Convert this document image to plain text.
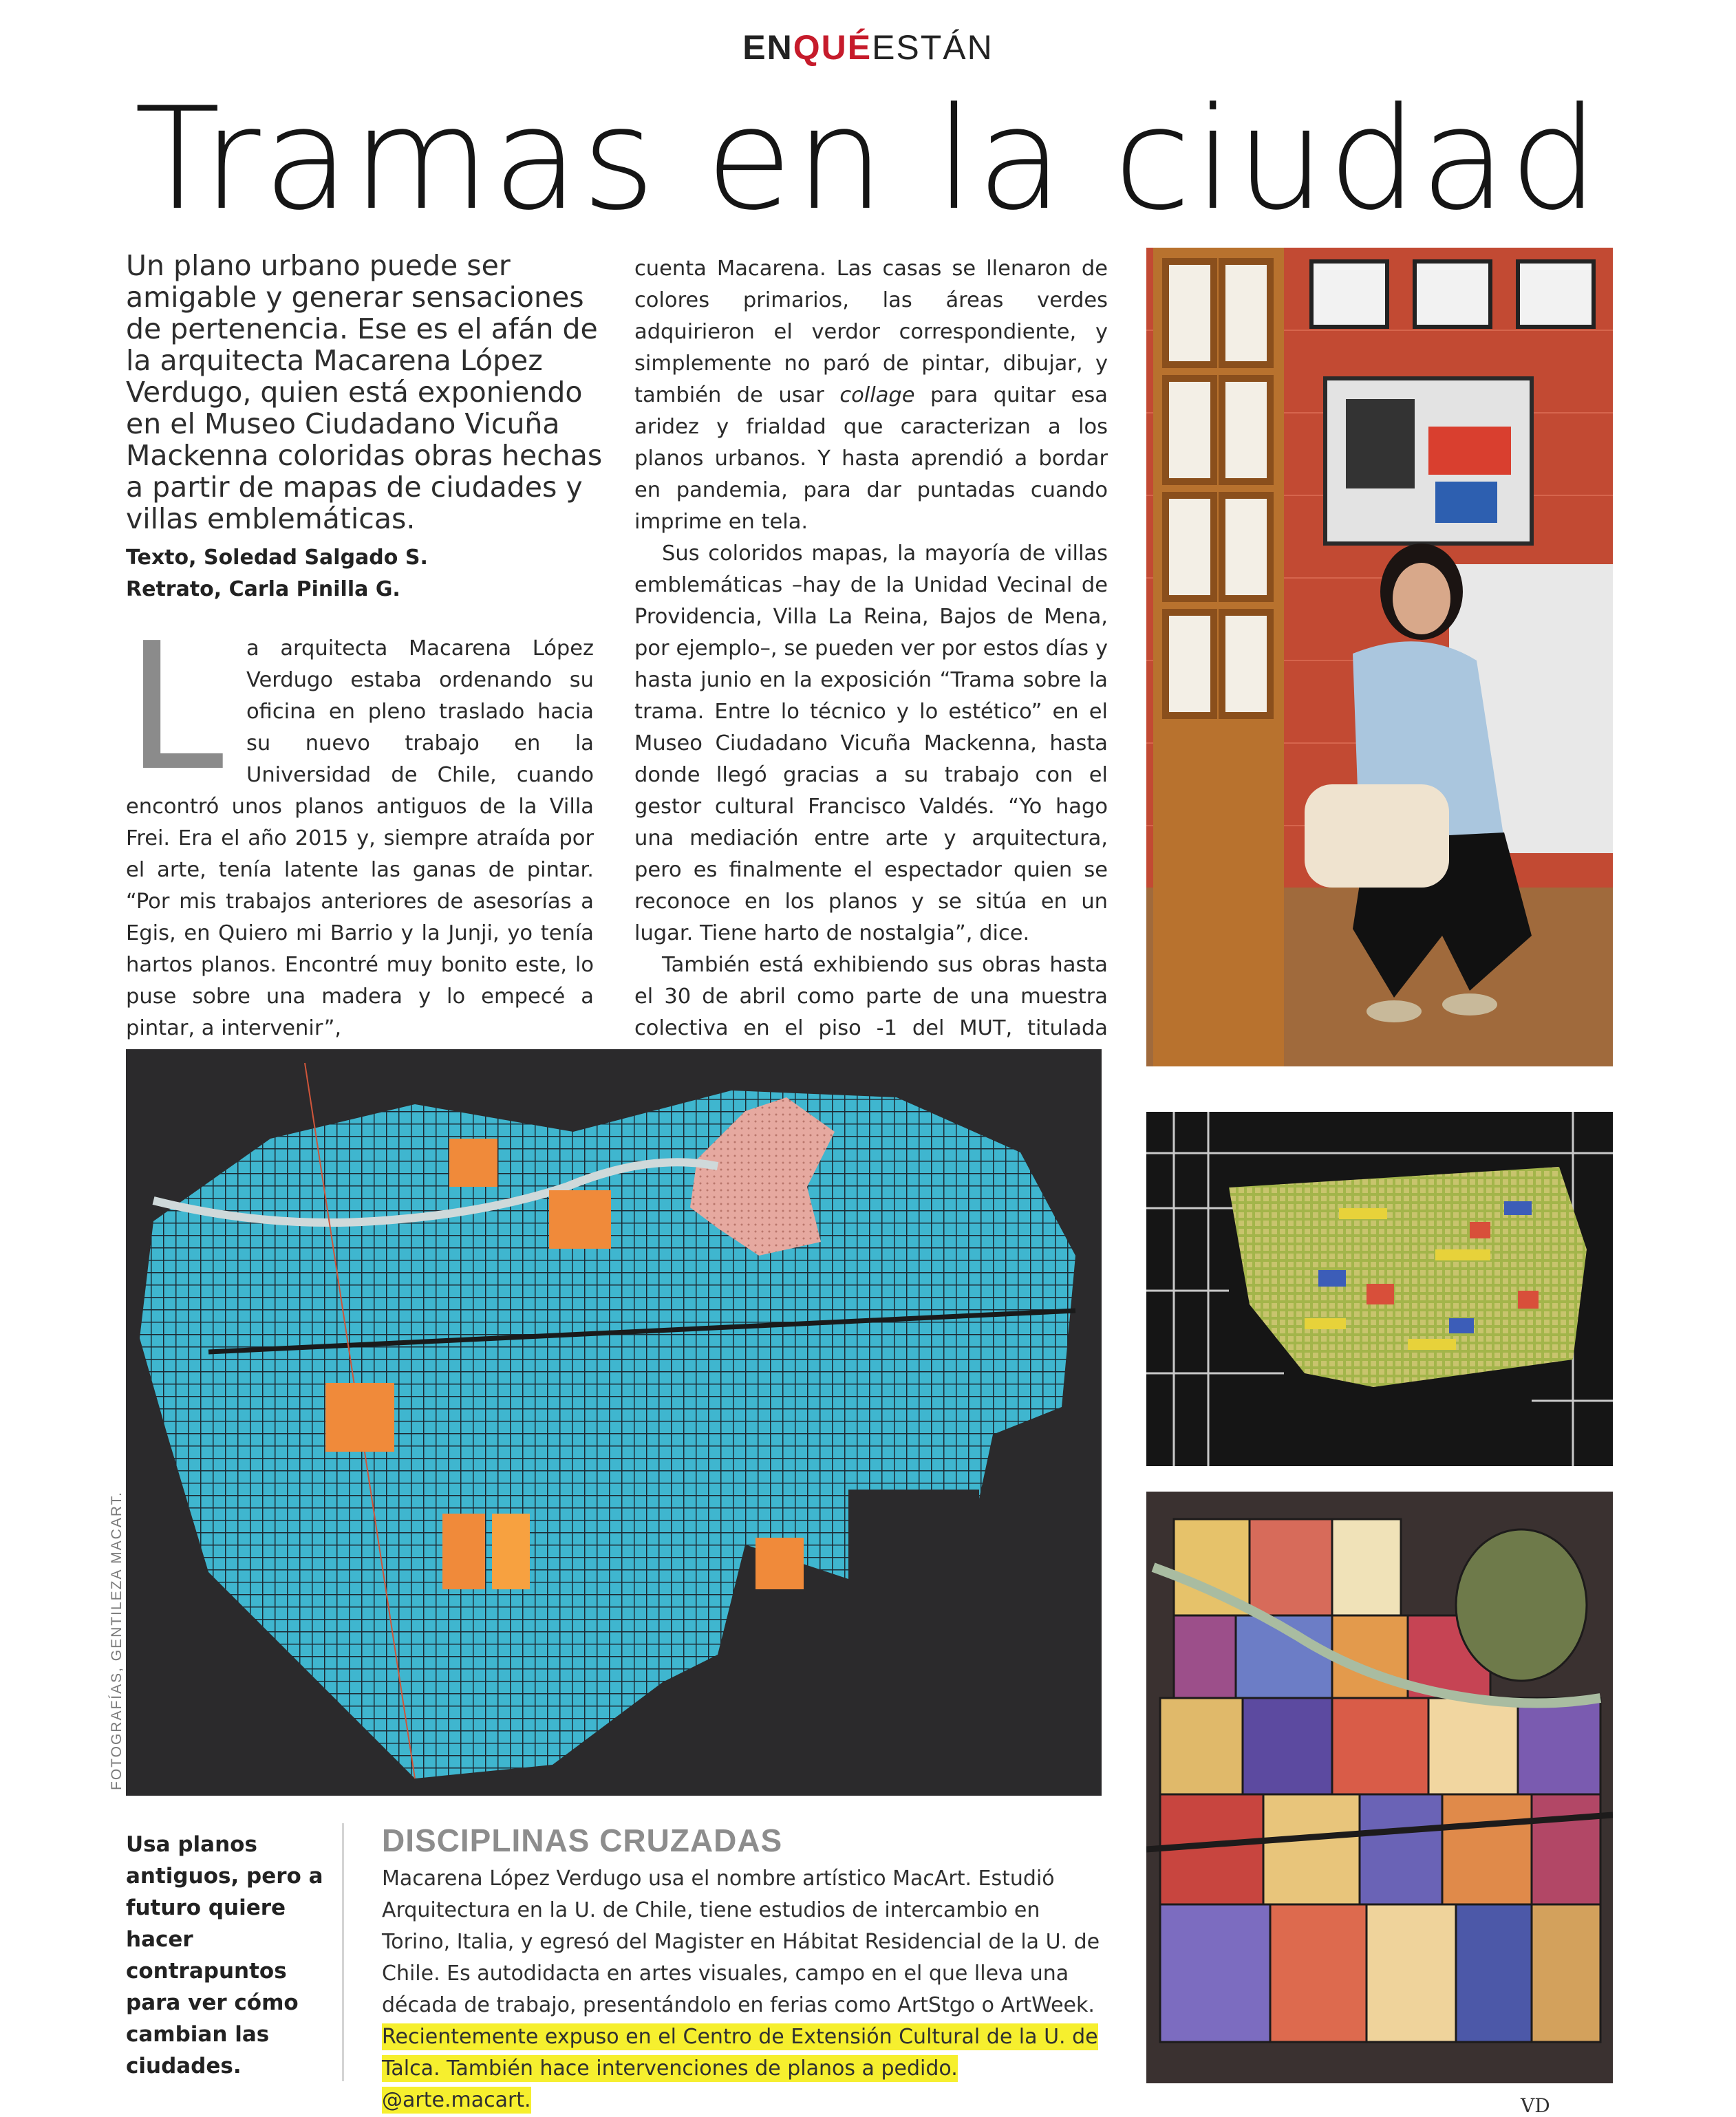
ENQUÉESTÁN
Tramas en la ciudad
Un plano urbano puede ser amigable y generar sensaciones de pertenencia. Ese es el afán de la arquitecta Macarena López Verdugo, quien está exponiendo en el Museo Ciudadano Vicuña Mackenna coloridas obras hechas a partir de mapas de ciudades y villas emblemáticas.
Texto, Soledad Salgado S.
Retrato, Carla Pinilla G.
L	a arquitecta Macarena López Verdugo estaba ordenando su oficina en pleno traslado hacia su nuevo trabajo en la Universidad de Chile, cuando encontró unos planos antiguos de la Villa Frei. Era el año 2015 y, siempre atraída por el arte, tenía latente las ganas de pintar. “Por mis trabajos anteriores de asesorías a Egis, en Quiero mi Barrio y la Junji, yo tenía hartos planos. Encontré muy bonito este, lo puse sobre una madera y lo empecé a pintar, a intervenir”,

cuenta Macarena. Las casas se llenaron de colores primarios, las áreas verdes adquirieron el verdor correspondiente, y simplemente no paró de pintar, dibujar, y también de usar collage para quitar esa aridez y frialdad que caracterizan a los planos urbanos. Y hasta aprendió a bordar en pandemia, para dar puntadas cuando imprime en tela.

Sus coloridos mapas, la mayoría de villas emblemáticas –hay de la Unidad Vecinal de Providencia, Villa La Reina, Bajos de Mena, por ejemplo–, se pueden ver por estos días y hasta junio en la exposición “Trama sobre la trama. Entre lo técnico y lo estético” en el Museo Ciudadano Vicuña Mackenna, hasta donde llegó gracias a su trabajo con el gestor cultural Francisco Valdés. “Yo hago una mediación entre arte y arquitectura, pero es finalmente el espectador quien se reconoce en los planos y se sitúa en un lugar. Tiene harto de nostalgia”, dice.

También está exhibiendo sus obras hasta el 30 de abril como parte de una muestra colectiva en el piso -1 del MUT, titulada

FOTOGRAFÍAS, GENTILEZA MACART.
Usa planos antiguos, pero a futuro quiere hacer contrapuntos para ver cómo cambian las ciudades.
DISCIPLINAS CRUZADAS
Macarena López Verdugo usa el nombre artístico MacArt. Estudió Arquitectura en la U. de Chile, tiene estudios de intercambio en Torino, Italia, y egresó del Magister en Hábitat Residencial de la U. de Chile. Es autodidacta en artes visuales, campo en el que lleva una década de trabajo, presentándolo en ferias como ArtStgo o ArtWeek. Recientemente expuso en el Centro de Extensión Cultural de la U. de Talca. También hace intervenciones de planos a pedido. @arte.macart.	VD
